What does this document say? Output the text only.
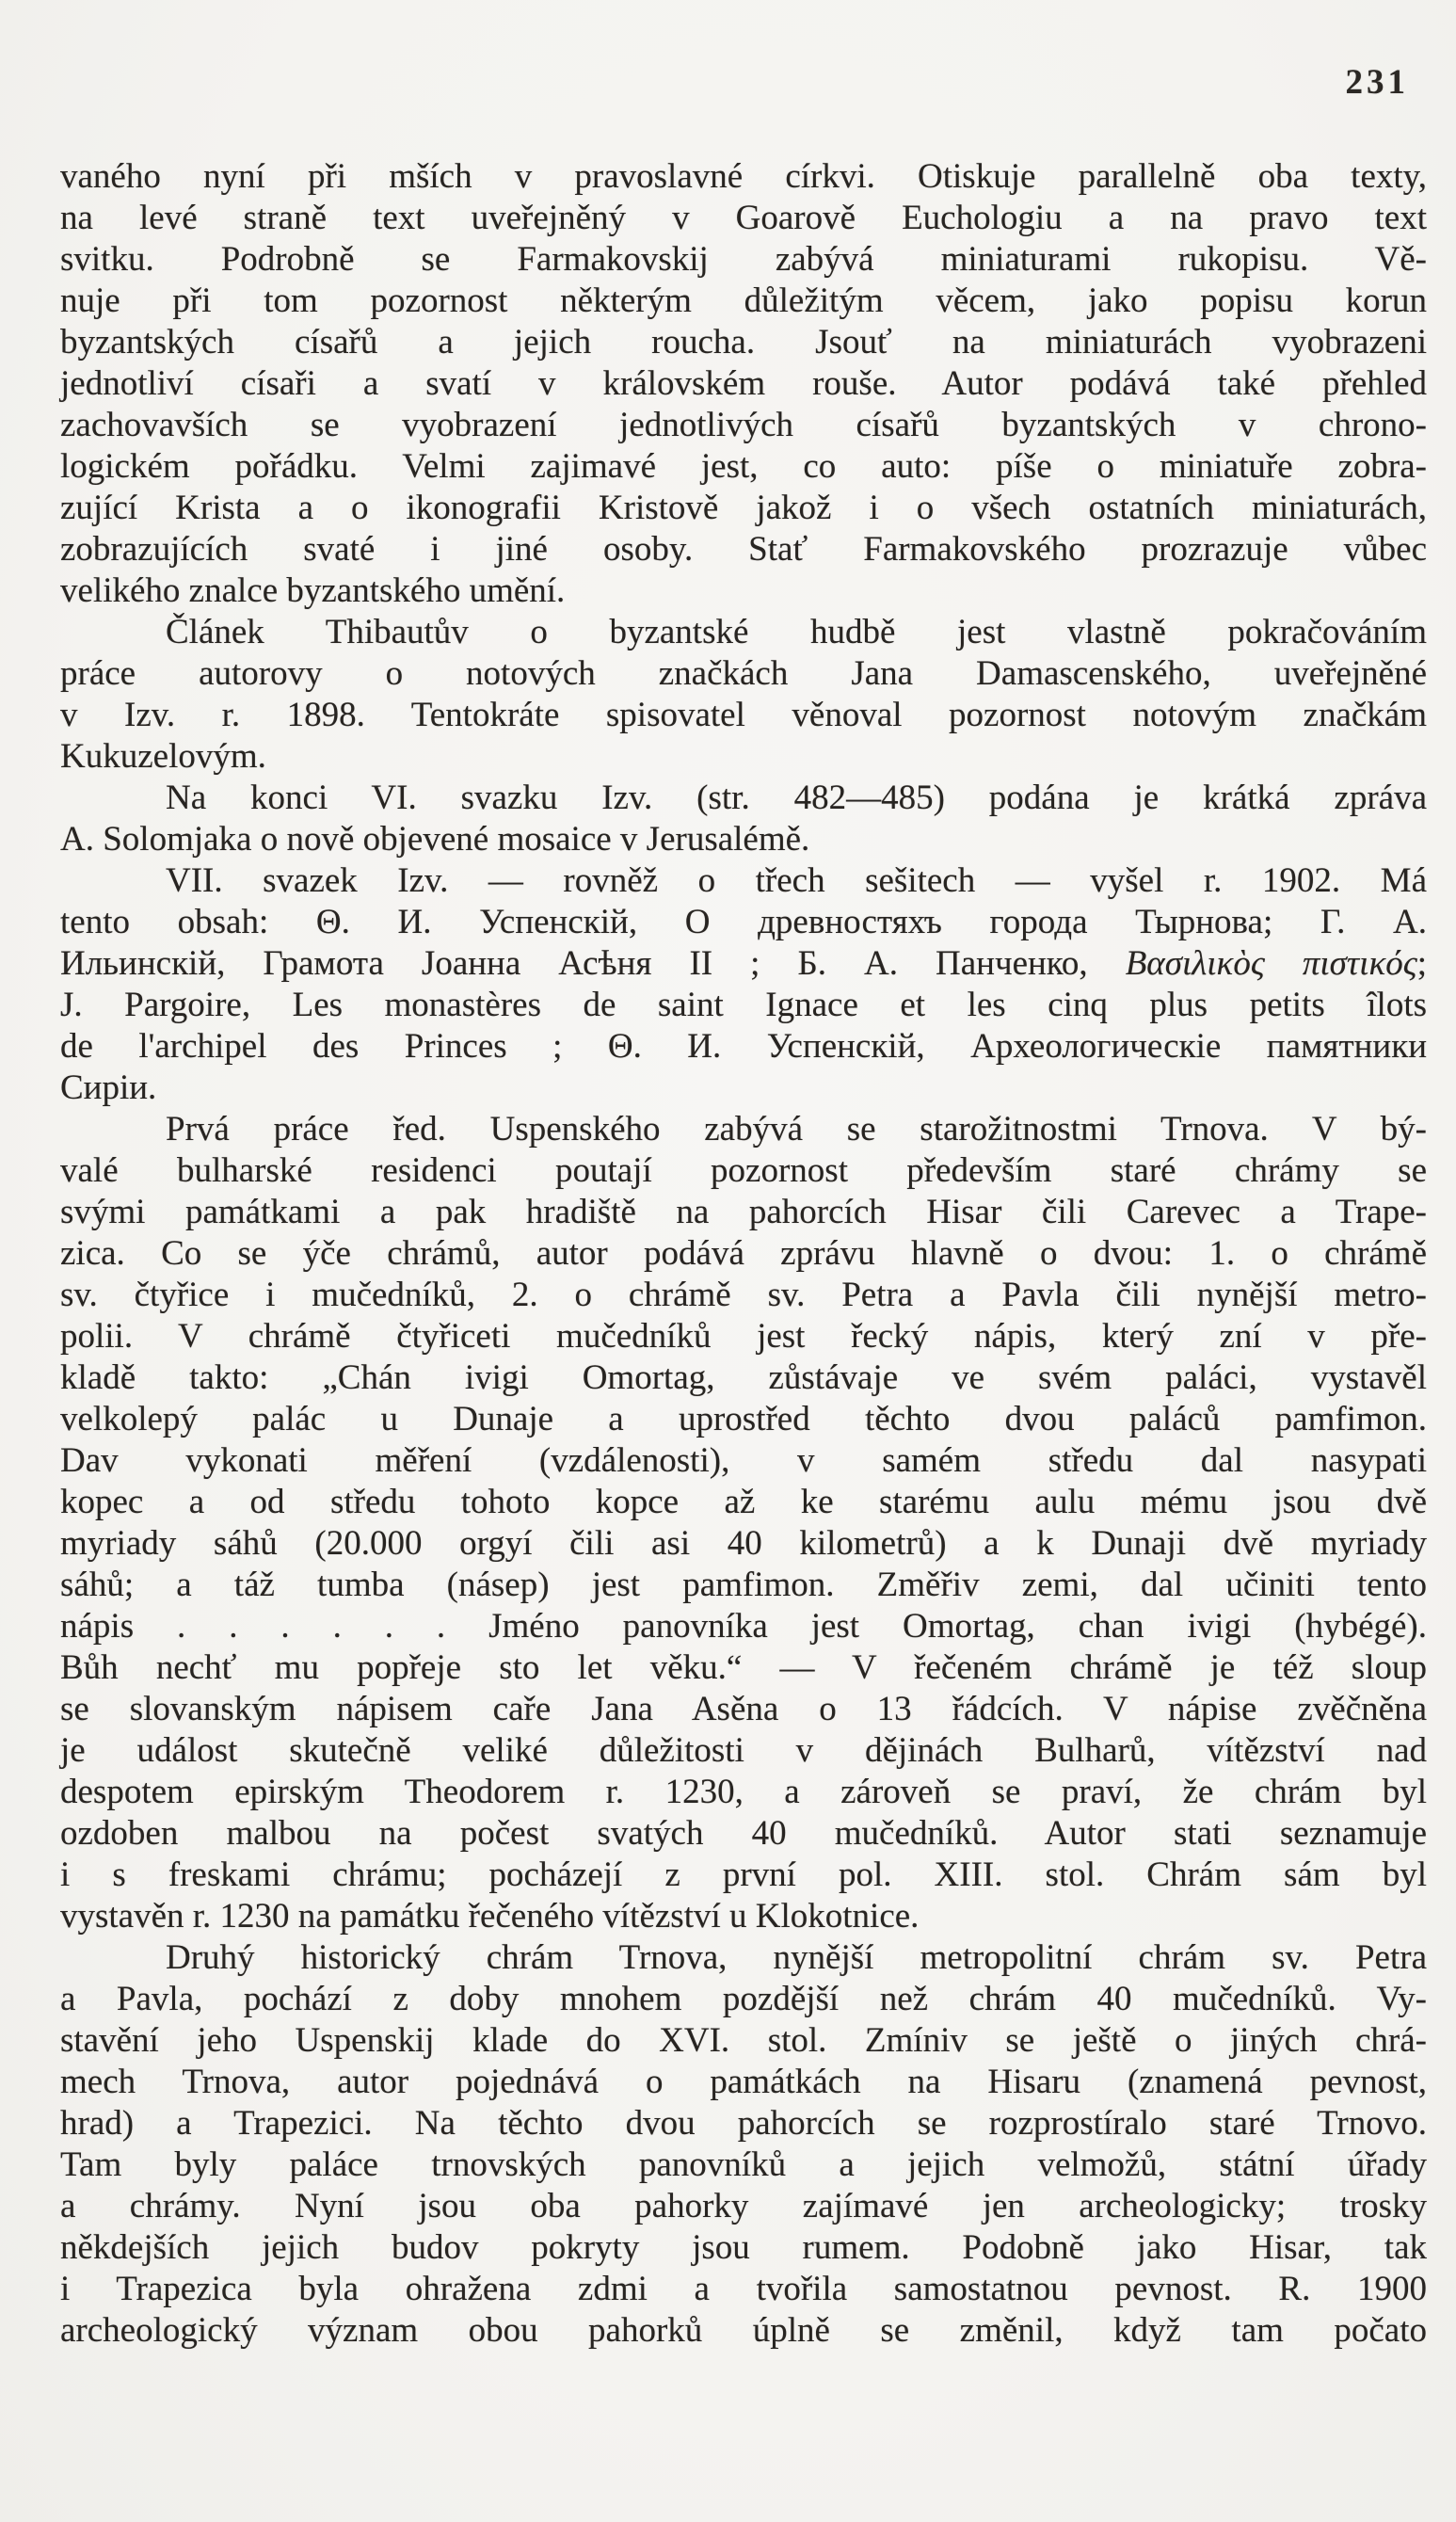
231
vaného nyní při mších v pravoslavné církvi. Otiskuje parallelně oba texty,
na levé straně text uveřejněný v Goarově Euchologiu a na pravo text
svitku. Podrobně se Farmakovskij zabývá miniaturami rukopisu. Vě-
nuje při tom pozornost některým důležitým věcem, jako popisu korun
byzantských císařů a jejich roucha. Jsouť na miniaturách vyobrazeni
jednotliví císaři a svatí v královském rouše. Autor podává také přehled
zachovavších se vyobrazení jednotlivých císařů byzantských v chrono-
logickém pořádku. Velmi zajimavé jest, co auto: píše o miniatuře zobra-
zující Krista a o ikonografii Kristově jakož i o všech ostatních miniaturách,
zobrazujících svaté i jiné osoby. Stať Farmakovského prozrazuje vůbec
velikého znalce byzantského umění.
Článek Thibautův o byzantské hudbě jest vlastně pokračováním
práce autorovy o notových značkách Jana Damascenského, uveřejněné
v Izv. r. 1898. Tentokráte spisovatel věnoval pozornost notovým značkám
Kukuzelovým.
Na konci VI. svazku Izv. (str. 482—485) podána je krátká zpráva
A. Solomjaka o nově objevené mosaice v Jerusalémě.
VII. svazek Izv. — rovněž o třech sešitech — vyšel r. 1902. Má
tento obsah: Θ. И. Успенскій, О древностяхъ города Тырнова; Г. А.
Ильинскій, Грамота Јоанна Асѣня II ; Б. А. Панченко, Βασιλικὸς πιστικός;
J. Pargoire, Les monastères de saint Ignace et les cinq plus petits îlots
de l'archipel des Princes ; Θ. И. Успенскій, Археологическіе памятники
Сиріи.
Prvá práce řed. Uspenského zabývá se starožitnostmi Trnova. V bý-
valé bulharské residenci poutají pozornost především staré chrámy se
svými památkami a pak hradiště na pahorcích Hisar čili Carevec a Trape-
zica. Co se ýče chrámů, autor podává zprávu hlavně o dvou: 1. o chrámě
sv. čtyřice i mučedníků, 2. o chrámě sv. Petra a Pavla čili nynější metro-
polii. V chrámě čtyřiceti mučedníků jest řecký nápis, který zní v pře-
kladě takto: „Chán ivigi Omortag, zůstávaje ve svém paláci, vystavěl
velkolepý palác u Dunaje a uprostřed těchto dvou paláců pamfimon.
Dav vykonati měření (vzdálenosti), v samém středu dal nasypati
kopec a od středu tohoto kopce až ke starému aulu mému jsou dvě
myriady sáhů (20.000 orgyí čili asi 40 kilometrů) a k Dunaji dvě myriady
sáhů; a táž tumba (násep) jest pamfimon. Změřiv zemi, dal učiniti tento
nápis . . . . . . Jméno panovníka jest Omortag, chan ivigi (hybégé).
Bůh nechť mu popřeje sto let věku.“ — V řečeném chrámě je též sloup
se slovanským nápisem caře Jana Asěna o 13 řádcích. V nápise zvěčněna
je událost skutečně veliké důležitosti v dějinách Bulharů, vítězství nad
despotem epirským Theodorem r. 1230, a zároveň se praví, že chrám byl
ozdoben malbou na počest svatých 40 mučedníků. Autor stati seznamuje
i s freskami chrámu; pocházejí z první pol. XIII. stol. Chrám sám byl
vystavěn r. 1230 na památku řečeného vítězství u Klokotnice.
Druhý historický chrám Trnova, nynější metropolitní chrám sv. Petra
a Pavla, pochází z doby mnohem pozdější než chrám 40 mučedníků. Vy-
stavění jeho Uspenskij klade do XVI. stol. Zmíniv se ještě o jiných chrá-
mech Trnova, autor pojednává o památkách na Hisaru (znamená pevnost,
hrad) a Trapezici. Na těchto dvou pahorcích se rozprostíralo staré Trnovo.
Tam byly paláce trnovských panovníků a jejich velmožů, státní úřady
a chrámy. Nyní jsou oba pahorky zajímavé jen archeologicky; trosky
někdejších jejich budov pokryty jsou rumem. Podobně jako Hisar, tak
i Trapezica byla ohražena zdmi a tvořila samostatnou pevnost. R. 1900
archeologický význam obou pahorků úplně se změnil, když tam počato
